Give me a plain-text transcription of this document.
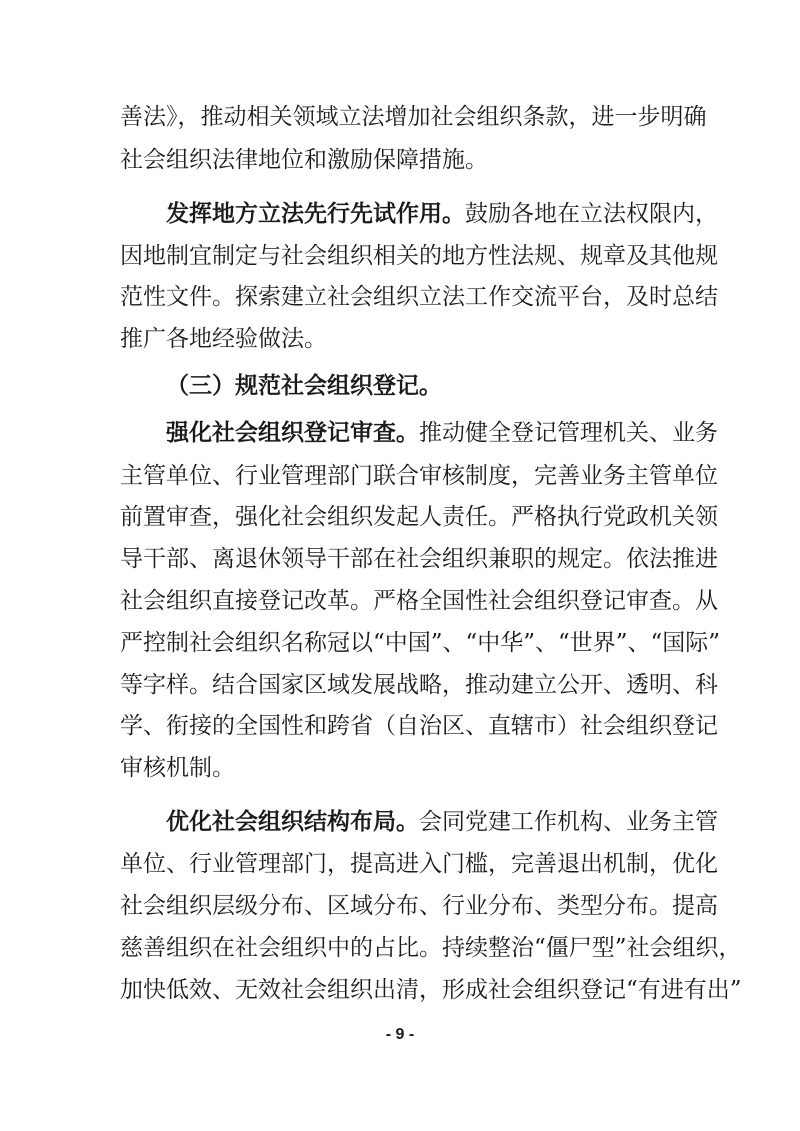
善法》，推动相关领域立法增加社会组织条款，进一步明确
社会组织法律地位和激励保障措施。
发挥地方立法先行先试作用。鼓励各地在立法权限内，
因地制宜制定与社会组织相关的地方性法规、规章及其他规
范性文件。探索建立社会组织立法工作交流平台，及时总结
推广各地经验做法。
（三）规范社会组织登记。
强化社会组织登记审查。推动健全登记管理机关、业务
主管单位、行业管理部门联合审核制度，完善业务主管单位
前置审查，强化社会组织发起人责任。严格执行党政机关领
导干部、离退休领导干部在社会组织兼职的规定。依法推进
社会组织直接登记改革。严格全国性社会组织登记审查。从
严控制社会组织名称冠以“中国”、“中华”、“世界”、“国际”
等字样。结合国家区域发展战略，推动建立公开、透明、科
学、衔接的全国性和跨省（自治区、直辖市）社会组织登记
审核机制。
优化社会组织结构布局。会同党建工作机构、业务主管
单位、行业管理部门，提高进入门槛，完善退出机制，优化
社会组织层级分布、区域分布、行业分布、类型分布。提高
慈善组织在社会组织中的占比。持续整治“僵尸型”社会组织，
加快低效、无效社会组织出清，形成社会组织登记“有进有出”
- 9 -
